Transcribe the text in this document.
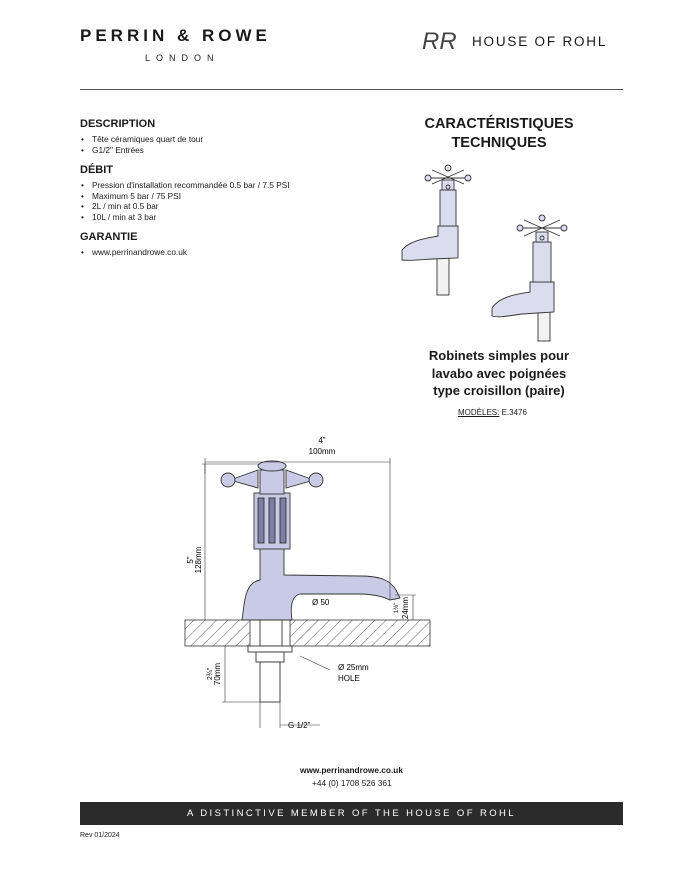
PERRIN & ROWE
LONDON
RR HOUSE OF ROHL
DESCRIPTION
• Tête céramiques quart de tour
• G1/2" Entrées
DÉBIT
• Pression d'installation recommandée 0.5 bar / 7.5 PSI
• Maximum 5 bar / 75 PSI
• 2L / min at 0.5 bar
• 10L / min at 3 bar
GARANTIE
• www.perrinandrowe.co.uk
CARACTÉRISTIQUES
TECHNIQUES
Robinets simples pour
lavabo avec poignées
type croisillon (paire)
MODÈLES: E.3476
4"
100mm
5" 128mm
1⅜" 24mm
Ø 50
2¾" 70mm	Ø 25mm
HOLE
G 1/2"
www.perrinandrowe.co.uk
+44 (0) 1708 526 361
A DISTINCTIVE MEMBER OF THE HOUSE OF ROHL
Rev 01/2024
